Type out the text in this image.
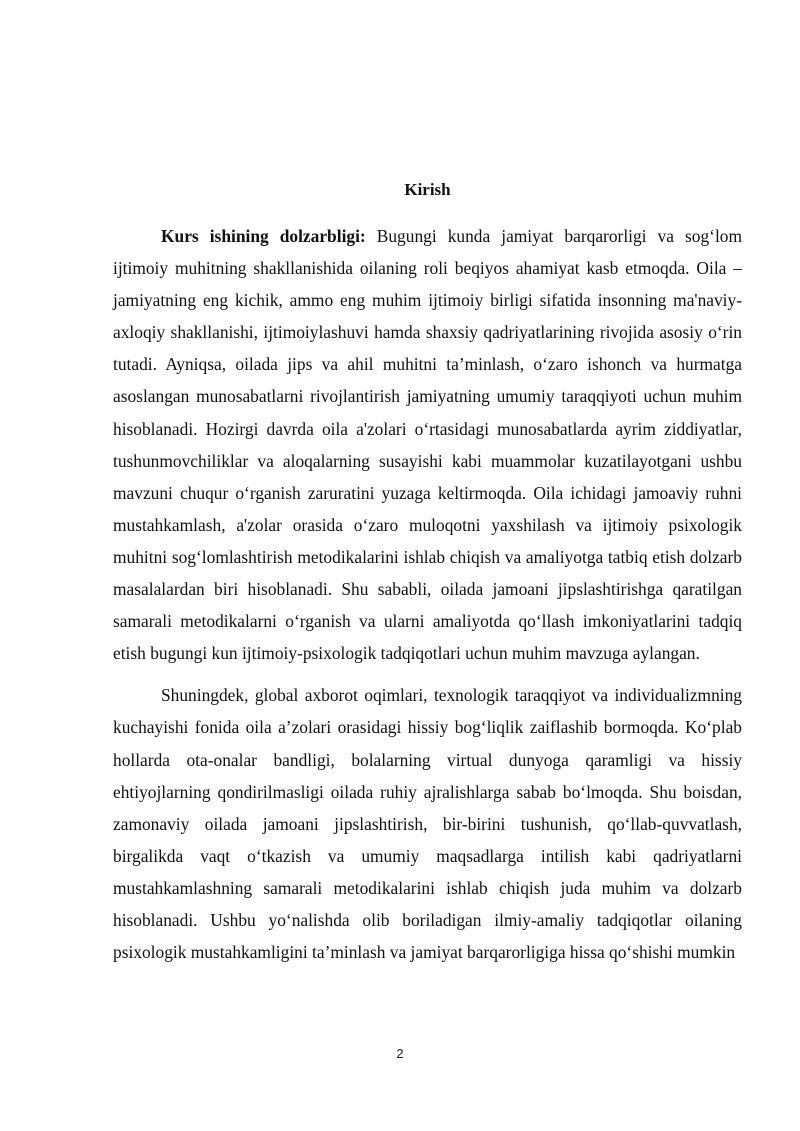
Kirish

Kurs ishining dolzarbligi: Bugungi kunda jamiyat barqarorligi va sog‘lom ijtimoiy muhitning shakllanishida oilaning roli beqiyos ahamiyat kasb etmoqda. Oila – jamiyatning eng kichik, ammo eng muhim ijtimoiy birligi sifatida insonning ma'naviy-axloqiy shakllanishi, ijtimoiylashuvi hamda shaxsiy qadriyatlarining rivojida asosiy o‘rin tutadi. Ayniqsa, oilada jips va ahil muhitni ta’minlash, o‘zaro ishonch va hurmatga asoslangan munosabatlarni rivojlantirish jamiyatning umumiy taraqqiyoti uchun muhim hisoblanadi. Hozirgi davrda oila a'zolari o‘rtasidagi munosabatlarda ayrim ziddiyatlar, tushunmovchiliklar va aloqalarning susayishi kabi muammolar kuzatilayotgani ushbu mavzuni chuqur o‘rganish zaruratini yuzaga keltirmoqda. Oila ichidagi jamoaviy ruhni mustahkamlash, a'zolar orasida o‘zaro muloqotni yaxshilash va ijtimoiy psixologik muhitni sog‘lomlashtirish metodikalarini ishlab chiqish va amaliyotga tatbiq etish dolzarb masalalardan biri hisoblanadi. Shu sababli, oilada jamoani jipslashtirishga qaratilgan samarali metodikalarni o‘rganish va ularni amaliyotda qo‘llash imkoniyatlarini tadqiq etish bugungi kun ijtimoiy-psixologik tadqiqotlari uchun muhim mavzuga aylangan.

Shuningdek, global axborot oqimlari, texnologik taraqqiyot va individualizmning kuchayishi fonida oila a’zolari orasidagi hissiy bog‘liqlik zaiflashib bormoqda. Ko‘plab hollarda ota-onalar bandligi, bolalarning virtual dunyoga qaramligi va hissiy ehtiyojlarning qondirilmasligi oilada ruhiy ajralishlarga sabab bo‘lmoqda. Shu boisdan, zamonaviy oilada jamoani jipslashtirish, bir-birini tushunish, qo‘llab-quvvatlash, birgalikda vaqt o‘tkazish va umumiy maqsadlarga intilish kabi qadriyatlarni mustahkamlashning samarali metodikalarini ishlab chiqish juda muhim va dolzarb hisoblanadi. Ushbu yo‘nalishda olib boriladigan ilmiy-amaliy tadqiqotlar oilaning psixologik mustahkamligini ta’minlash va jamiyat barqarorligiga hissa qo‘shishi mumkin

2
